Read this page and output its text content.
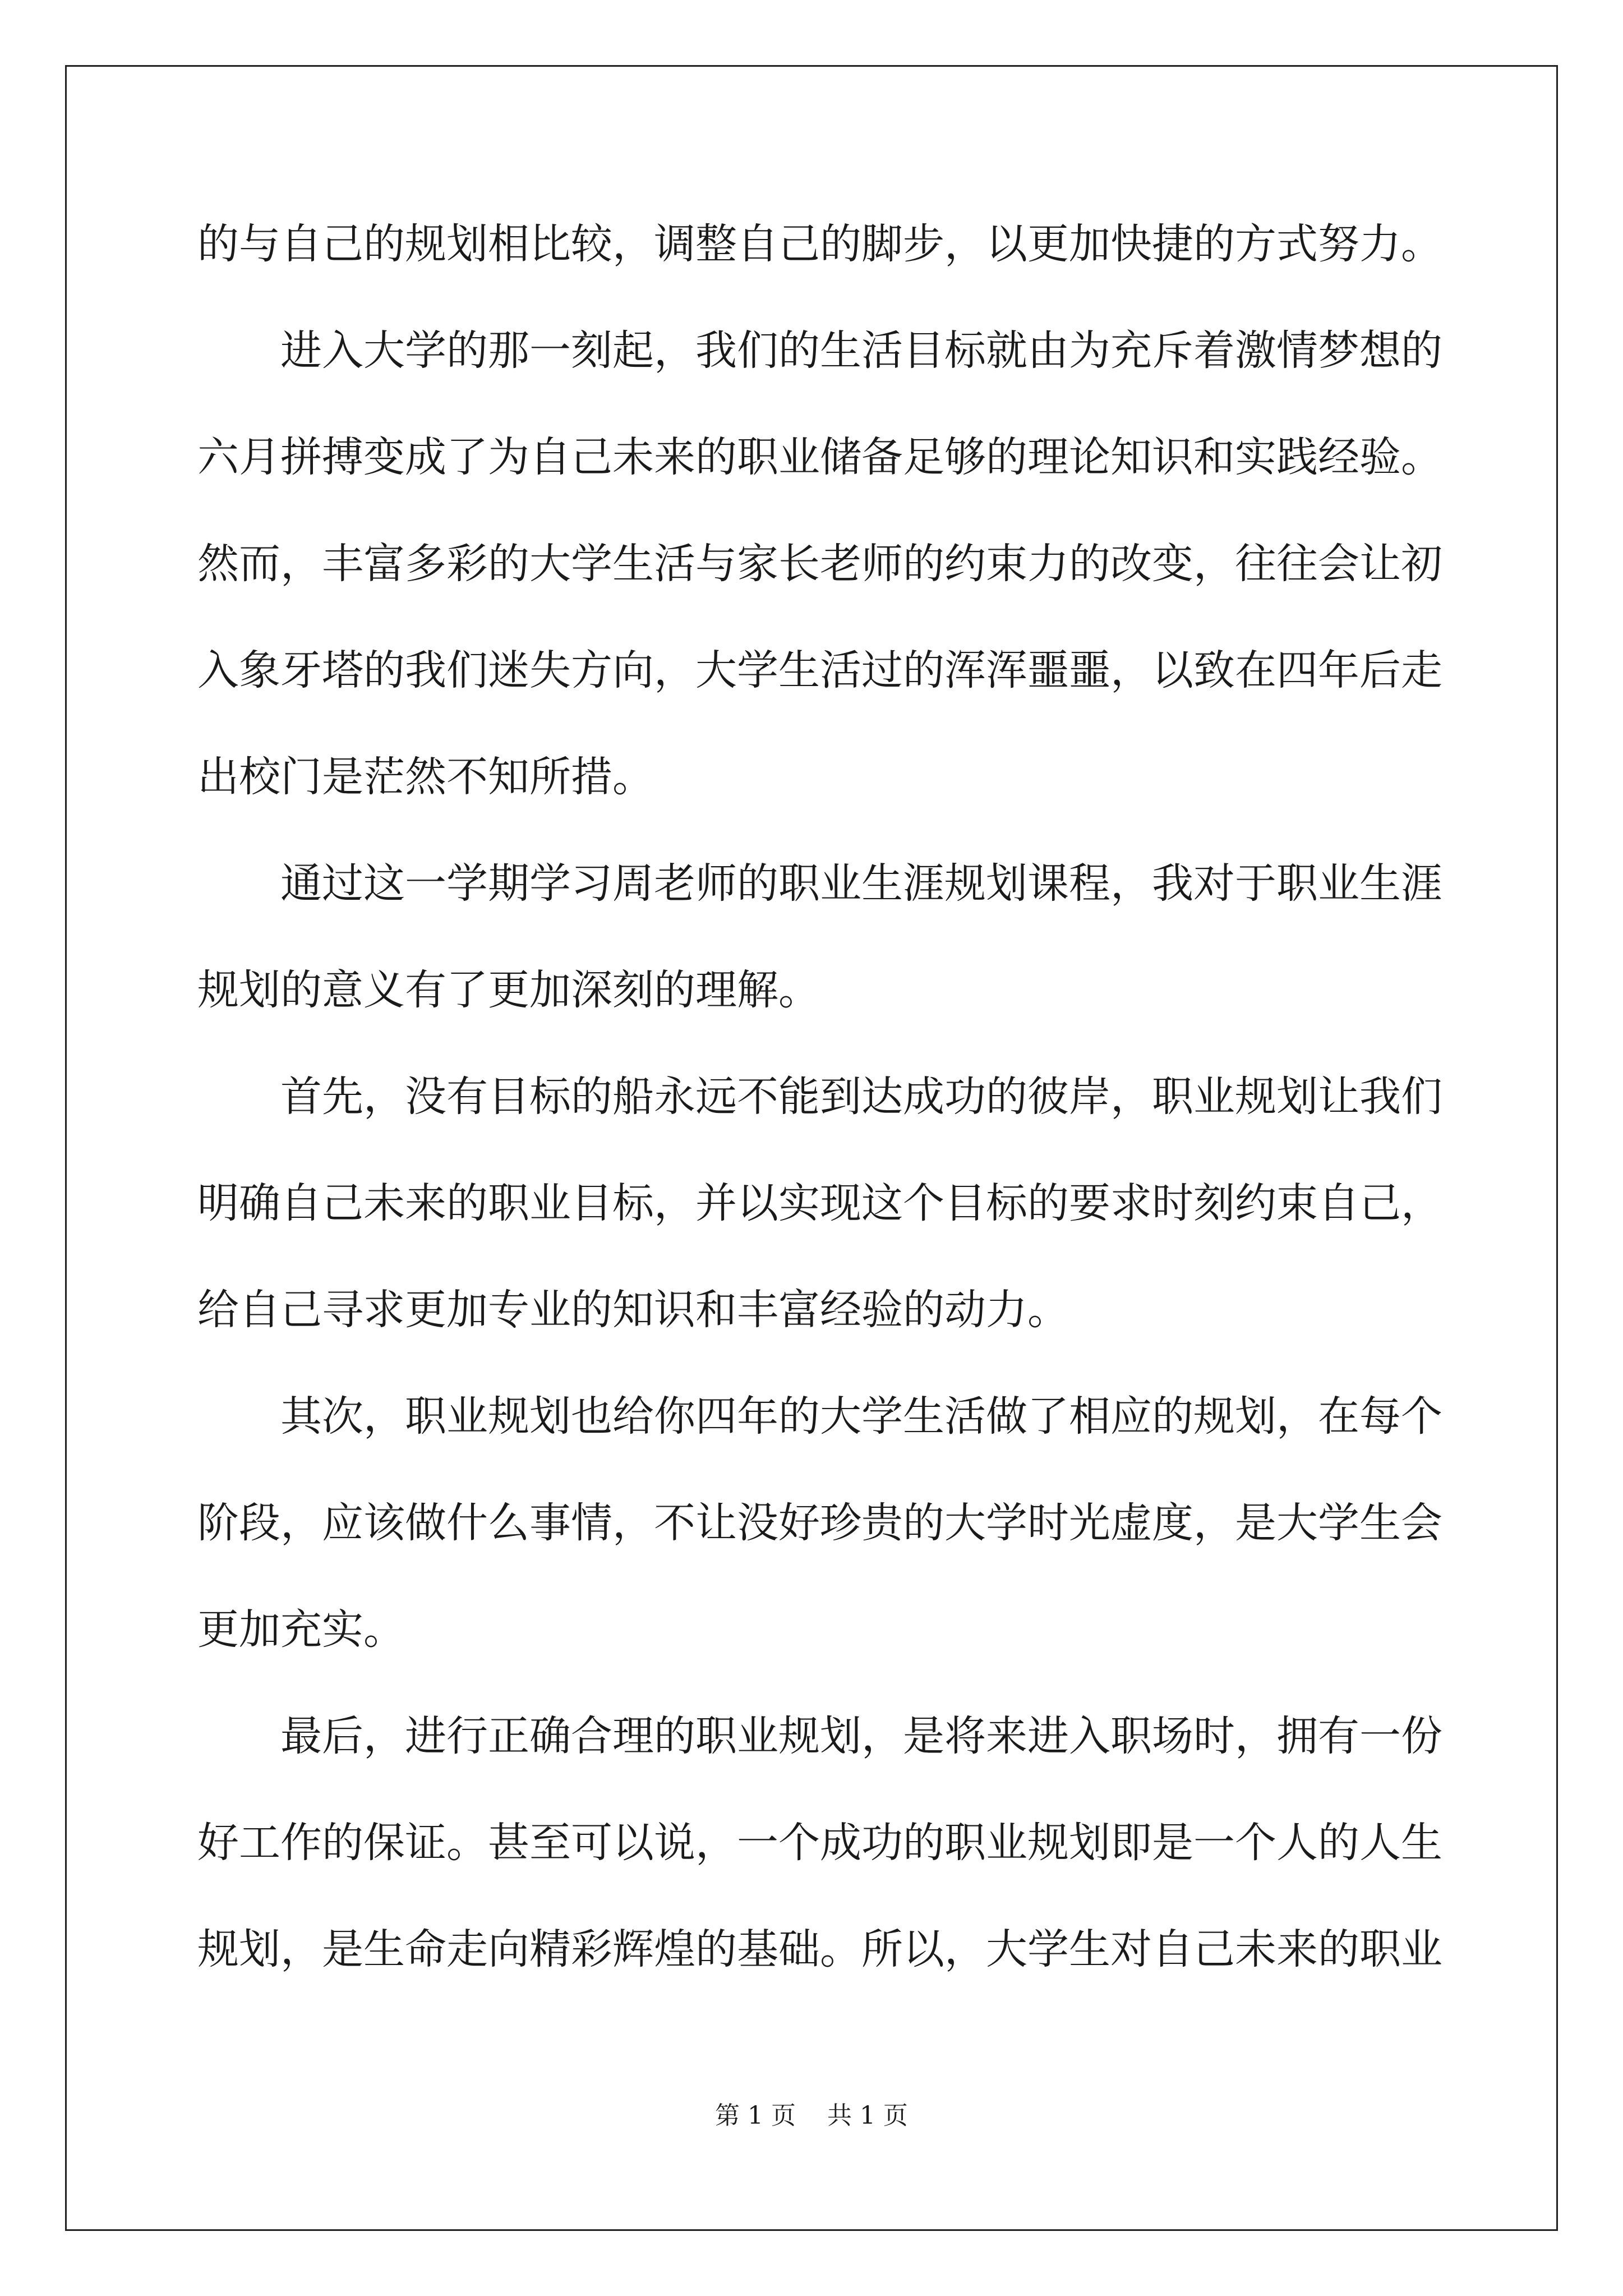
的与自己的规划相比较，调整自己的脚步，以更加快捷的方式努力。
　　进入大学的那一刻起，我们的生活目标就由为充斥着激情梦想的
六月拼搏变成了为自己未来的职业储备足够的理论知识和实践经验。
然而，丰富多彩的大学生活与家长老师的约束力的改变，往往会让初
入象牙塔的我们迷失方向，大学生活过的浑浑噩噩，以致在四年后走
出校门是茫然不知所措。
　　通过这一学期学习周老师的职业生涯规划课程，我对于职业生涯
规划的意义有了更加深刻的理解。
　　首先，没有目标的船永远不能到达成功的彼岸，职业规划让我们
明确自己未来的职业目标，并以实现这个目标的要求时刻约束自己，
给自己寻求更加专业的知识和丰富经验的动力。
　　其次，职业规划也给你四年的大学生活做了相应的规划，在每个
阶段，应该做什么事情，不让没好珍贵的大学时光虚度，是大学生会
更加充实。
　　最后，进行正确合理的职业规划，是将来进入职场时，拥有一份
好工作的保证。甚至可以说，一个成功的职业规划即是一个人的人生
规划，是生命走向精彩辉煌的基础。所以，大学生对自己未来的职业
第 1 页    共 1 页
